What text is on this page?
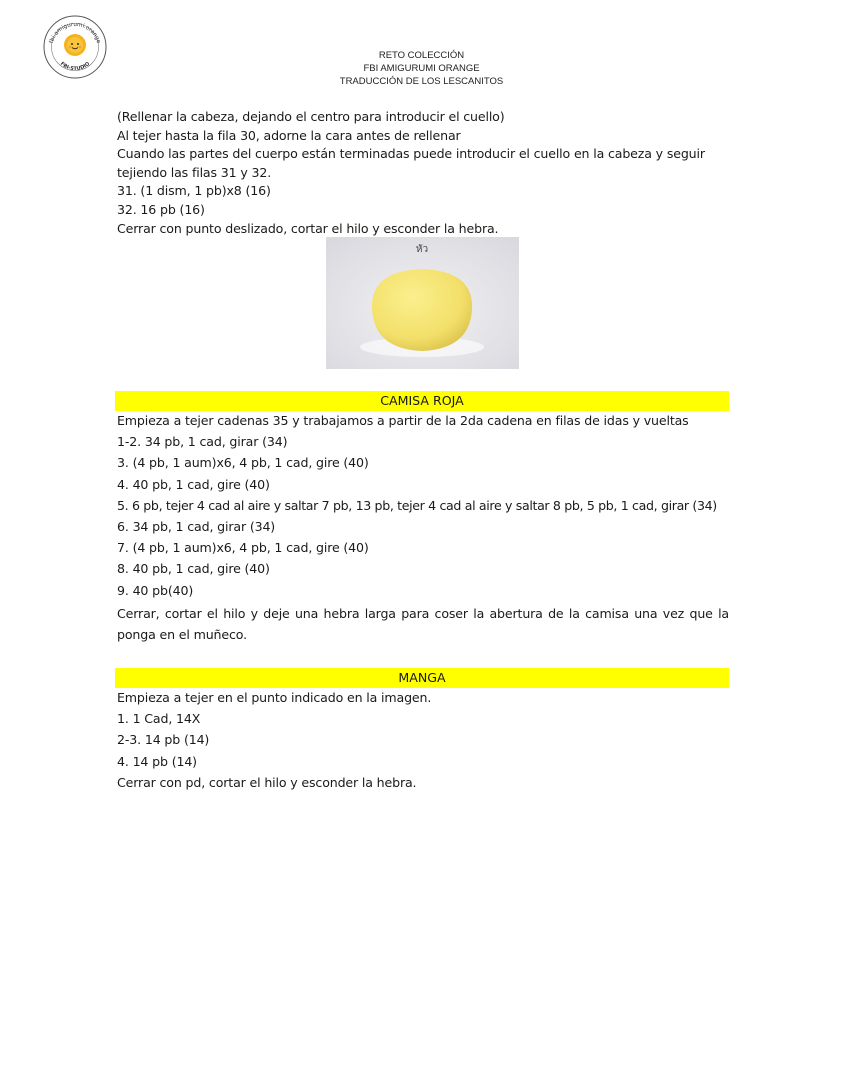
fbi.amigurumi.orange
FBI-STUDIO
RETO COLECCIÓN
FBI AMIGURUMI ORANGE
TRADUCCIÓN DE LOS LESCANITOS
(Rellenar la cabeza, dejando el centro para introducir el cuello)
Al tejer hasta la fila 30, adorne la cara antes de rellenar
Cuando las partes del cuerpo están terminadas puede introducir el cuello en la cabeza y seguir
tejiendo las filas 31 y 32.
31. (1 dism, 1 pb)x8 (16)
32. 16 pb (16)
Cerrar con punto deslizado, cortar el hilo y esconder la hebra.
หัว
CAMISA ROJA
Empieza a tejer cadenas 35 y trabajamos a partir de la 2da cadena en filas de idas y vueltas
1-2. 34 pb, 1 cad, girar (34)
3. (4 pb, 1 aum)x6, 4 pb, 1 cad, gire (40)
4. 40 pb, 1 cad, gire (40)
5. 6 pb, tejer 4 cad al aire y saltar 7 pb, 13 pb, tejer 4 cad al aire y saltar 8 pb, 5 pb, 1 cad, girar (34)
6. 34 pb, 1 cad, girar (34)
7. (4 pb, 1 aum)x6, 4 pb, 1 cad, gire (40)
8. 40 pb, 1 cad, gire (40)
9. 40 pb(40)
Cerrar, cortar el hilo y deje una hebra larga para coser la abertura de la camisa una vez que la ponga en el muñeco.
MANGA
Empieza a tejer en el punto indicado en la imagen.
1. 1 Cad, 14X
2-3. 14 pb (14)
4. 14 pb (14)
Cerrar con pd, cortar el hilo y esconder la hebra.
